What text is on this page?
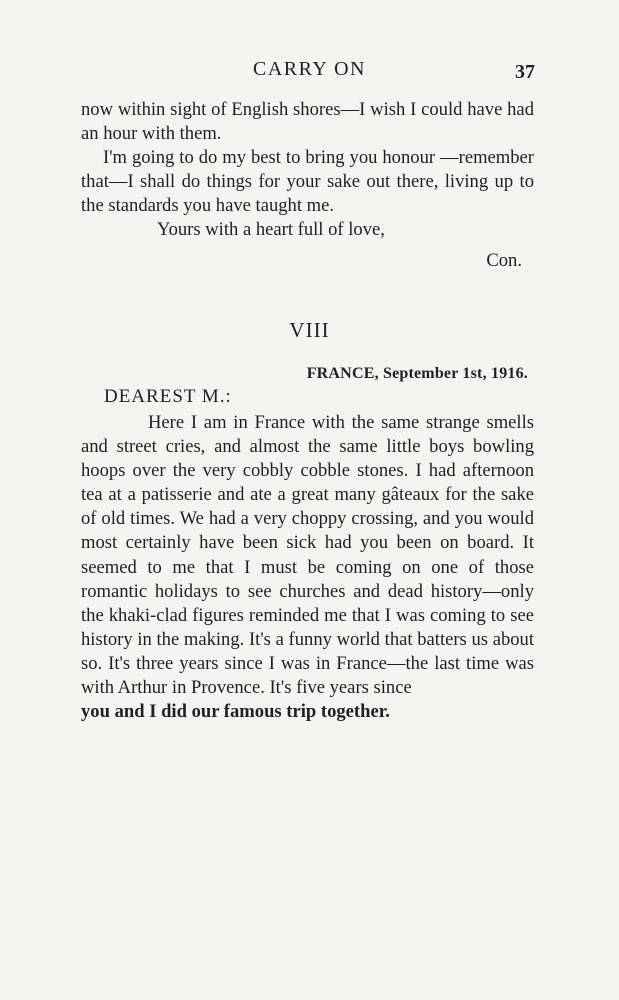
CARRY ON	37

now within sight of English shores—I wish I could have had an hour with them.

I'm going to do my best to bring you honour —remember that—I shall do things for your sake out there, living up to the standards you have taught me.

Yours with a heart full of love,

Con.

VIII
FRANCE, September 1st, 1916.
DEAREST M.:

Here I am in France with the same strange smells and street cries, and almost the same little boys bowling hoops over the very cobbly cobble stones. I had afternoon tea at a patisserie and ate a great many gâteaux for the sake of old times. We had a very choppy crossing, and you would most certainly have been sick had you been on board. It seemed to me that I must be coming on one of those romantic holidays to see churches and dead history—only the khaki-clad figures reminded me that I was coming to see history in the making. It's a funny world that batters us about so. It's three years since I was in France—the last time was with Arthur in Provence. It's five years since

you and I did our famous trip together.
